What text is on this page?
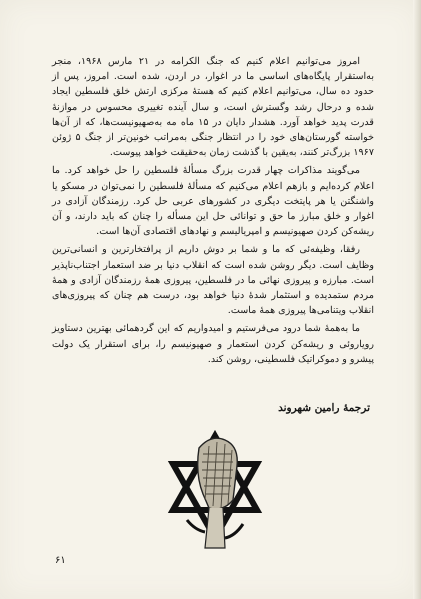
امروز می‌توانیم اعلام کنیم که جنگ الکرامه در ۲۱ مارس ۱۹۶۸، منجر به‌استقرار پایگاه‌های اساسی ما در اغوار، در اردن، شده است. امروز، پس از حدود ده سال، می‌توانیم اعلام کنیم که هستهٔ مرکزی ارتش خلق فلسطین ایجاد شده و درحال رشد وگسترش است، و سال آینده تغییری محسوس در موازنهٔ قدرت پدید خواهد آورد. هشدار دایان در ۱۵ ماه مه به‌صهیونیست‌ها، که از آن‌ها خواسته گورستان‌های خود را در انتظار جنگی به‌مراتب خونین‌تر از جنگ ۵ ژوئن ۱۹۶۷ بزرگ‌تر کنند، به‌یقین با گذشت زمان به‌حقیقت خواهد پیوست.

می‌گویند مذاکرات چهار قدرت بزرگ مسألهٔ فلسطین را حل خواهد کرد. ما اعلام کرده‌ایم و بازهم اعلام می‌کنیم که مسألهٔ فلسطین را نمی‌توان در مسکو یا واشنگتن یا هر پایتخت دیگری در کشورهای عربی حل کرد. رزمندگان آزادی در اغوار و خلق مبارز ما حق و توانائی حل این مسأله را چنان که باید دارند، و آن ریشه‌کن کردن صهیونیسم و امپریالیسم و نهادهای اقتصادی آن‌ها است.

رفقا، وظیفه‌ئی که ما و شما بر دوش داریم از پرافتخارترین و انسانی‌ترین وظایف است. دیگر روشن شده است که انقلاب دنیا بر ضد استعمار اجتناب‌ناپذیر است. مبارزه و پیروزی نهائی ما در فلسطین، پیروزی همهٔ رزمندگان آزادی و همهٔ مردم ستمدیده و استثمار شدهٔ دنیا خواهد بود، درست هم چنان که پیروزی‌های انقلاب ویتنامی‌ها پیروزی همهٔ ماست.

ما به‌همهٔ شما درود می‌فرستیم و امیدواریم که این گردهمائی بهترین دستاویز رویاروئی و ریشه‌کن کردن استعمار و صهیونیسم را، برای استقرار یک دولت پیشرو و دموکراتیک فلسطینی، روشن کند.

ترجمهٔ رامین شهروند
۶۱
